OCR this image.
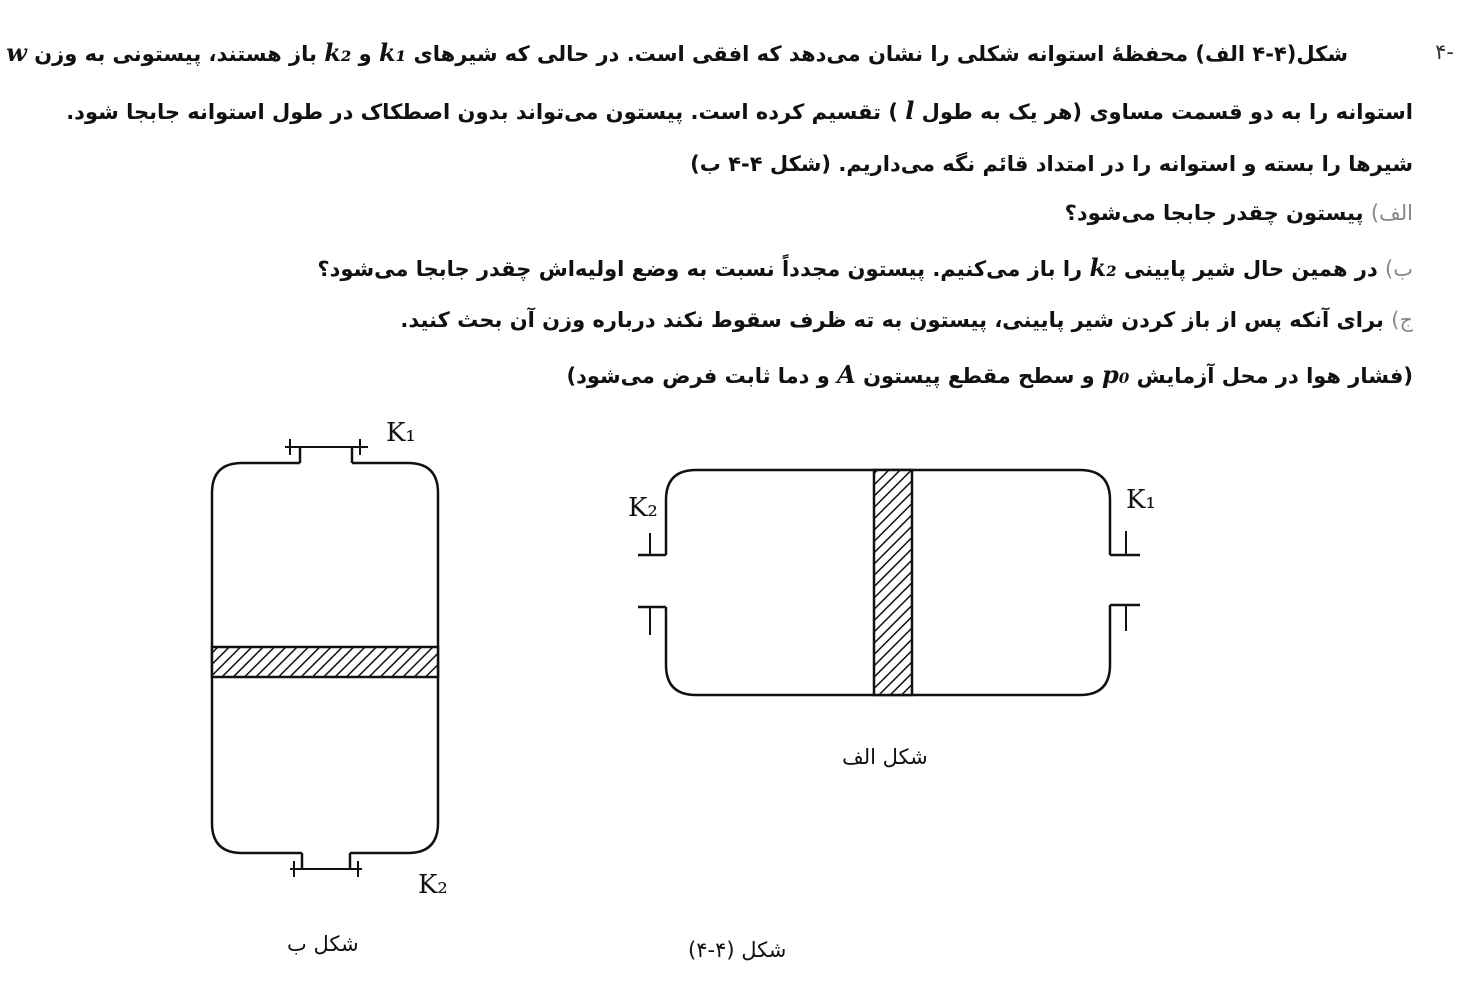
-۴
شکل(۴-۴ الف) محفظهٔ استوانه شکلی را نشان می‌دهد که افقی است. در حالی که شیرهای k₁ و k₂ باز هستند، پیستونی به وزن w
استوانه را به دو قسمت مساوی (هر یک به طول l ) تقسیم کرده است. پیستون می‌تواند بدون اصطکاک در طول استوانه جابجا شود.
شیرها را بسته و استوانه را در امتداد قائم نگه می‌داریم. (شکل ۴-۴ ب)
الف) پیستون چقدر جابجا می‌شود؟
ب) در همین حال شیر پایینی k₂ را باز می‌کنیم. پیستون مجدداً نسبت به وضع اولیه‌اش چقدر جابجا می‌شود؟
ج) برای آنکه پس از باز کردن شیر پایینی، پیستون به ته ظرف سقوط نکند درباره وزن آن بحث کنید.
(فشار هوا در محل آزمایش p₀ و سطح مقطع پیستون A و دما ثابت فرض می‌شود)
K₁
K₂
شکل ب
K₂	K₁
شکل الف
شکل (۴-۴)
